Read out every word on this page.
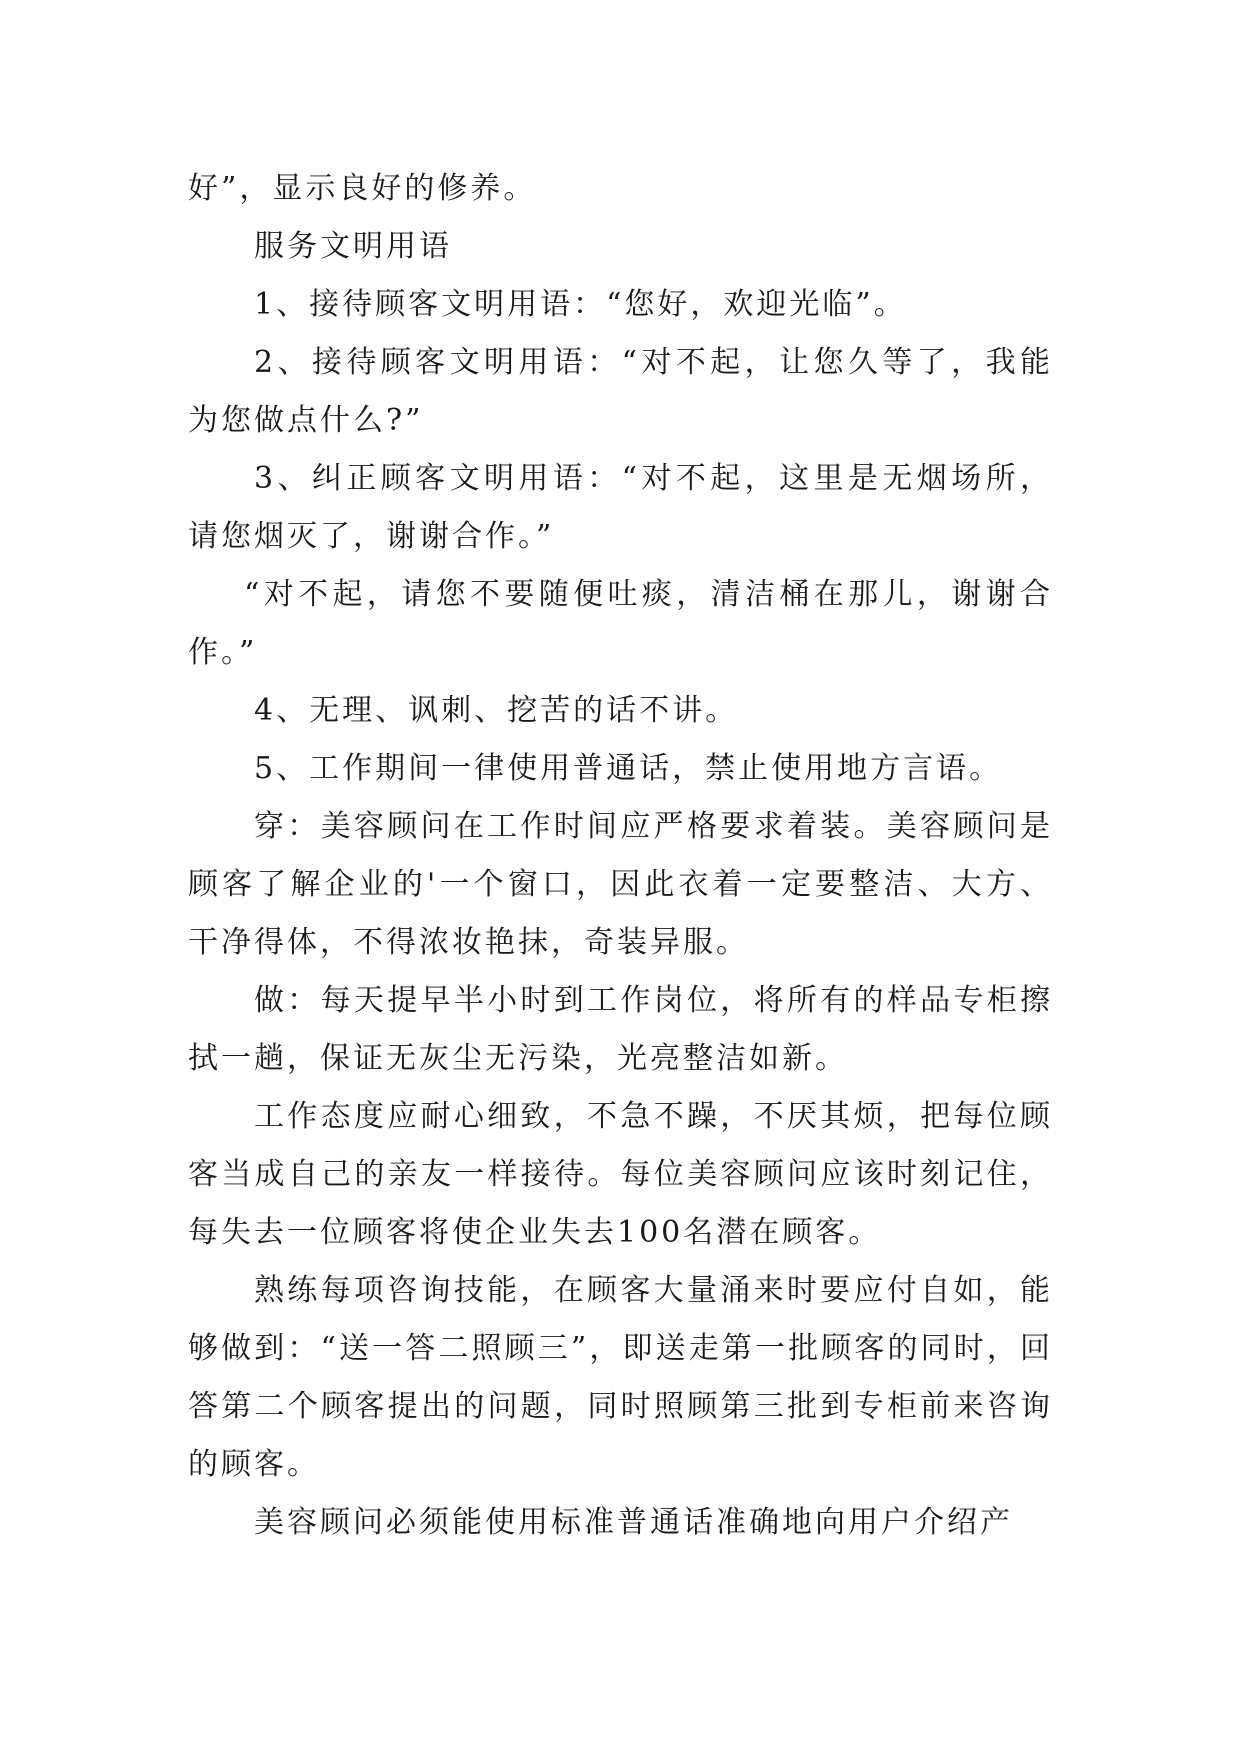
好”，显示良好的修养。

服务文明用语

1、接待顾客文明用语：“您好，欢迎光临”。

2、接待顾客文明用语：“对不起，让您久等了，我能为您做点什么?”

3、纠正顾客文明用语：“对不起，这里是无烟场所，请您烟灭了，谢谢合作。”

“对不起，请您不要随便吐痰，清洁桶在那儿，谢谢合作。”

4、无理、讽刺、挖苦的话不讲。

5、工作期间一律使用普通话，禁止使用地方言语。

穿：美容顾问在工作时间应严格要求着装。美容顾问是顾客了解企业的'一个窗口，因此衣着一定要整洁、大方、干净得体，不得浓妆艳抹，奇装异服。

做：每天提早半小时到工作岗位，将所有的样品专柜擦拭一趟，保证无灰尘无污染，光亮整洁如新。

工作态度应耐心细致，不急不躁，不厌其烦，把每位顾客当成自己的亲友一样接待。每位美容顾问应该时刻记住，每失去一位顾客将使企业失去100名潜在顾客。

熟练每项咨询技能，在顾客大量涌来时要应付自如，能够做到：“送一答二照顾三”，即送走第一批顾客的同时，回答第二个顾客提出的问题，同时照顾第三批到专柜前来咨询的顾客。

美容顾问必须能使用标准普通话准确地向用户介绍产
